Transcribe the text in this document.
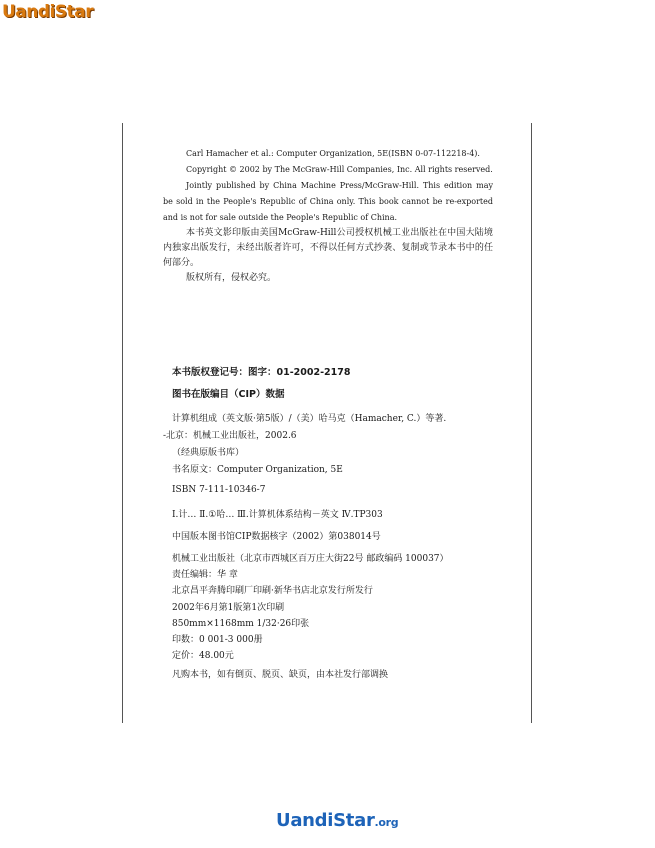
UandiStar

Carl Hamacher et al.: Computer Organization, 5E(ISBN 0-07-112218-4).

Copyright © 2002 by The McGraw-Hill Companies, Inc. All rights reserved.

Jointly published by China Machine Press/McGraw-Hill. This edition may be sold in the People's Republic of China only. This book cannot be re-exported and is not for sale outside the People's Republic of China.

本书英文影印版由美国McGraw-Hill公司授权机械工业出版社在中国大陆境内独家出版发行，未经出版者许可，不得以任何方式抄袭、复制或节录本书中的任何部分。

版权所有，侵权必究。

本书版权登记号：图字：01-2002-2178
图书在版编目（CIP）数据
计算机组成（英文版·第5版）/（美）哈马克（Hamacher, C.）等著.
-北京：机械工业出版社，2002.6
（经典原版书库）
书名原文：Computer Organization, 5E
ISBN 7-111-10346-7
Ⅰ.计… Ⅱ.①哈… Ⅲ.计算机体系结构－英文 Ⅳ.TP303
中国版本图书馆CIP数据核字（2002）第038014号
机械工业出版社（北京市西城区百万庄大街22号 邮政编码 100037）
责任编辑：华 章
北京昌平奔腾印刷厂印刷·新华书店北京发行所发行
2002年6月第1版第1次印刷
850mm×1168mm 1/32·26印张
印数：0 001-3 000册
定价：48.00元
凡购本书，如有倒页、脱页、缺页，由本社发行部调换
UandiStar.org
